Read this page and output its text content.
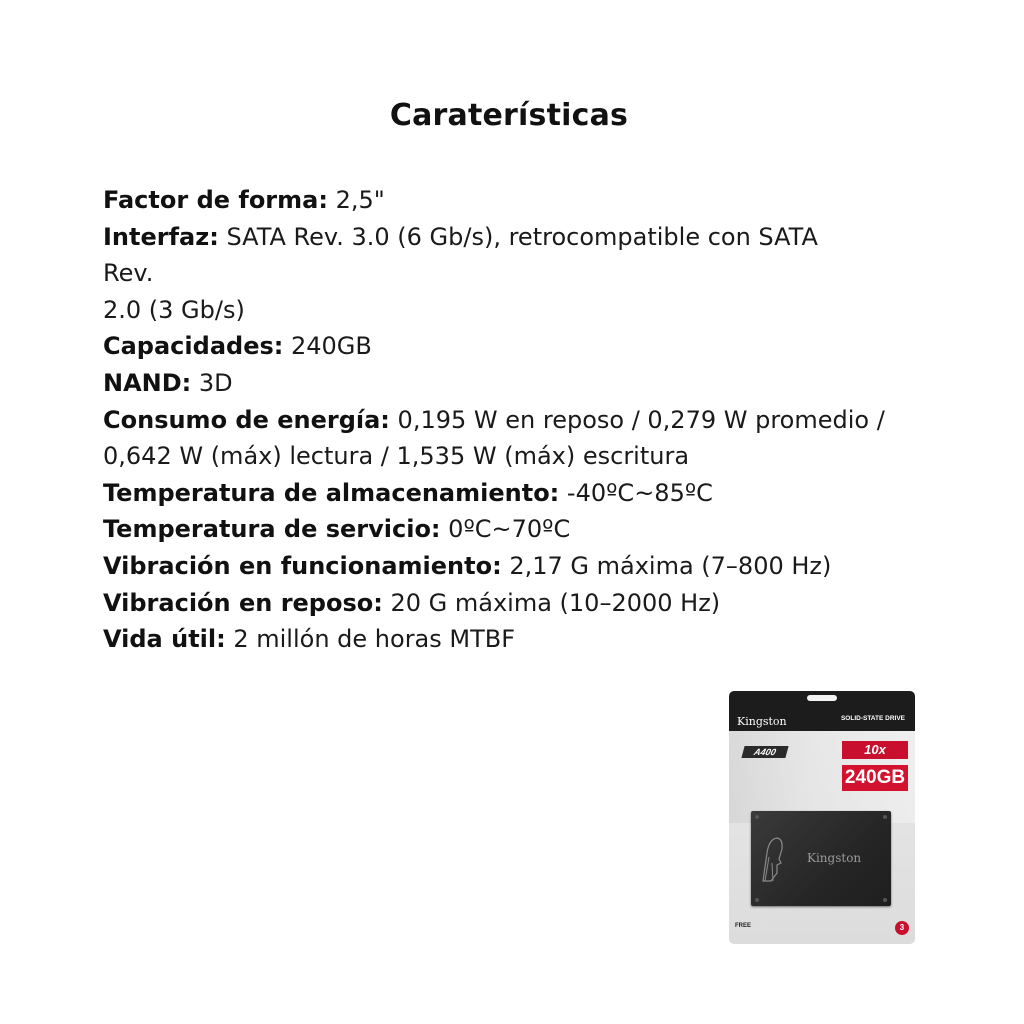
Caraterísticas
Factor de forma: 2,5"
Interfaz: SATA Rev. 3.0 (6 Gb/s), retrocompatible con SATA
Rev.
2.0 (3 Gb/s)
Capacidades: 240GB
NAND: 3D
Consumo de energía: 0,195 W en reposo / 0,279 W promedio /
0,642 W (máx) lectura / 1,535 W (máx) escritura
Temperatura de almacenamiento: -40ºC~85ºC
Temperatura de servicio: 0ºC~70ºC
Vibración en funcionamiento: 2,17 G máxima (7–800 Hz)
Vibración en reposo: 20 G máxima (10–2000 Hz)
Vida útil: 2 millón de horas MTBF
Kingston	SOLID-STATE DRIVE
A400	10x
240GB
Kingston
FREE	3
